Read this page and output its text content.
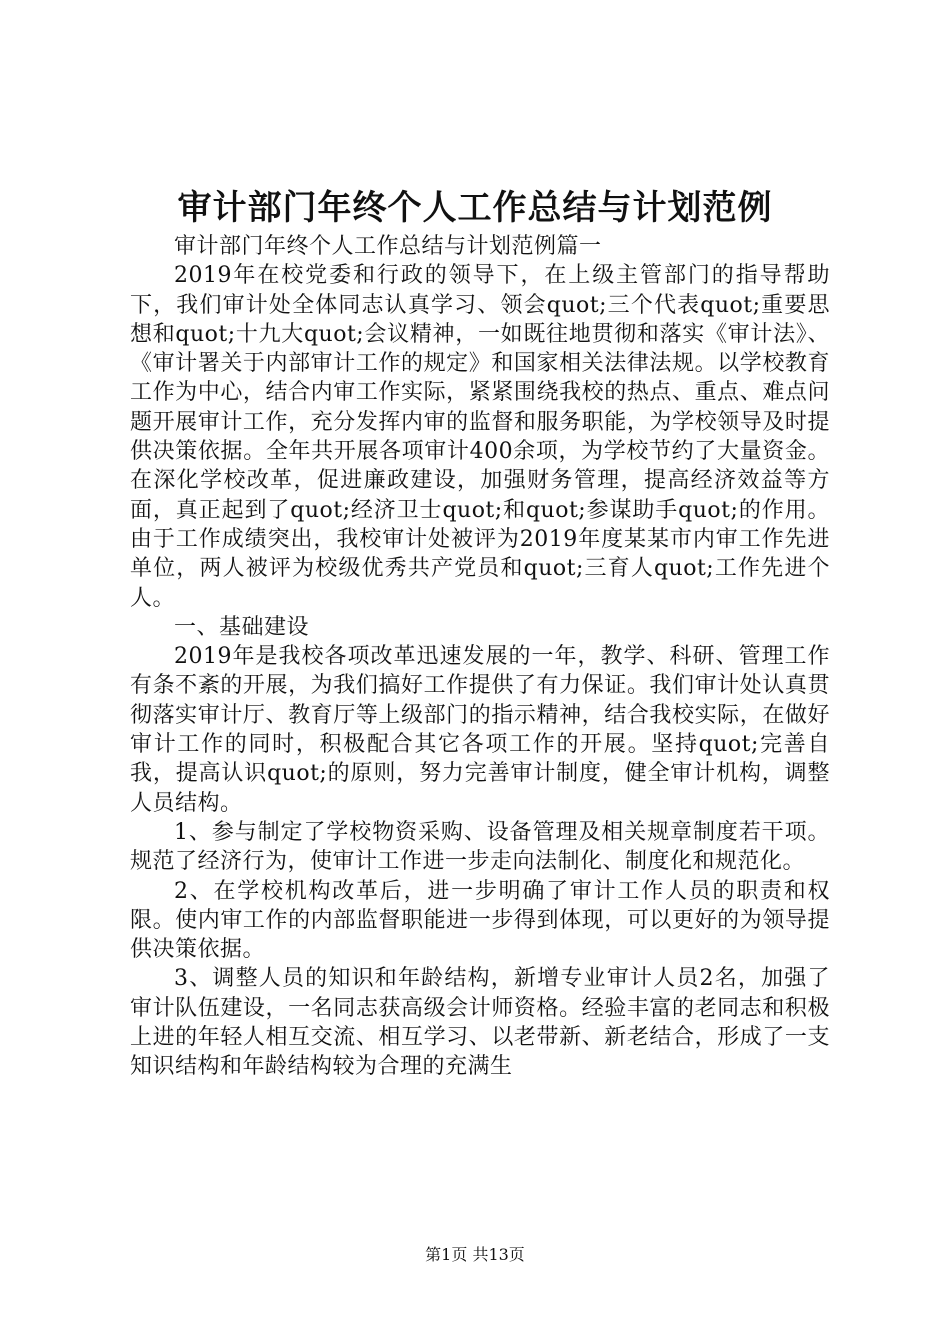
审计部门年终个人工作总结与计划范例

审计部门年终个人工作总结与计划范例篇一

2019年在校党委和行政的领导下，在上级主管部门的指导帮助下，我们审计处全体同志认真学习、领会quot;三个代表quot;重要思想和quot;十九大quot;会议精神，一如既往地贯彻和落实《审计法》、《审计署关于内部审计工作的规定》和国家相关法律法规。以学校教育工作为中心，结合内审工作实际，紧紧围绕我校的热点、重点、难点问题开展审计工作，充分发挥内审的监督和服务职能，为学校领导及时提供决策依据。全年共开展各项审计400余项，为学校节约了大量资金。在深化学校改革，促进廉政建设，加强财务管理，提高经济效益等方面，真正起到了quot;经济卫士quot;和quot;参谋助手quot;的作用。由于工作成绩突出，我校审计处被评为2019年度某某市内审工作先进单位，两人被评为校级优秀共产党员和quot;三育人quot;工作先进个人。

一、基础建设

2019年是我校各项改革迅速发展的一年，教学、科研、管理工作有条不紊的开展，为我们搞好工作提供了有力保证。我们审计处认真贯彻落实审计厅、教育厅等上级部门的指示精神，结合我校实际，在做好审计工作的同时，积极配合其它各项工作的开展。坚持quot;完善自我，提高认识quot;的原则，努力完善审计制度，健全审计机构，调整人员结构。

1、参与制定了学校物资采购、设备管理及相关规章制度若干项。规范了经济行为，使审计工作进一步走向法制化、制度化和规范化。

2、在学校机构改革后，进一步明确了审计工作人员的职责和权限。使内审工作的内部监督职能进一步得到体现，可以更好的为领导提供决策依据。

3、调整人员的知识和年龄结构，新增专业审计人员2名，加强了审计队伍建设，一名同志获高级会计师资格。经验丰富的老同志和积极上进的年轻人相互交流、相互学习、以老带新、新老结合，形成了一支知识结构和年龄结构较为合理的充满生

第1页 共13页
